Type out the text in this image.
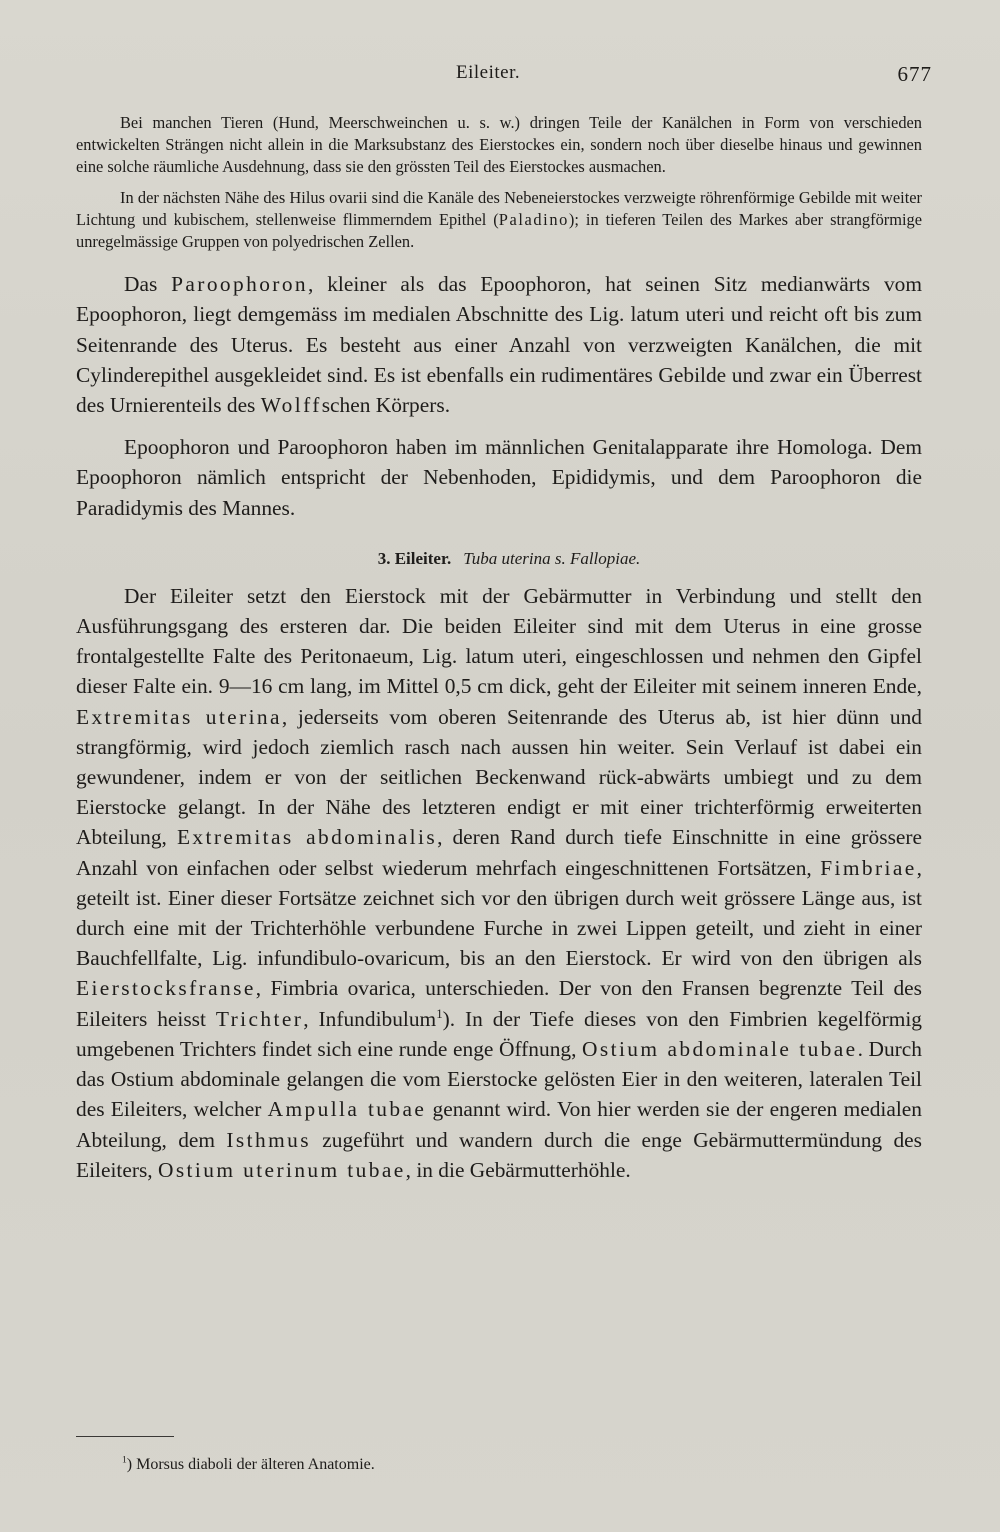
Eileiter.	677

Bei manchen Tieren (Hund, Meerschweinchen u. s. w.) dringen Teile der Kanälchen in Form von verschieden entwickelten Strängen nicht allein in die Marksubstanz des Eierstockes ein, sondern noch über dieselbe hinaus und gewinnen eine solche räumliche Ausdehnung, dass sie den grössten Teil des Eierstockes ausmachen.

In der nächsten Nähe des Hilus ovarii sind die Kanäle des Nebeneierstockes verzweigte röhrenförmige Gebilde mit weiter Lichtung und kubischem, stellenweise flimmerndem Epithel (Paladino); in tieferen Teilen des Markes aber strangförmige unregelmässige Gruppen von polyedrischen Zellen.

Das Paroophoron, kleiner als das Epoophoron, hat seinen Sitz medianwärts vom Epoophoron, liegt demgemäss im medialen Abschnitte des Lig. latum uteri und reicht oft bis zum Seitenrande des Uterus. Es besteht aus einer Anzahl von verzweigten Kanälchen, die mit Cylinderepithel ausgekleidet sind. Es ist ebenfalls ein rudimentäres Gebilde und zwar ein Überrest des Urnierenteils des Wolffschen Körpers.

Epoophoron und Paroophoron haben im männlichen Genitalapparate ihre Homologa. Dem Epoophoron nämlich entspricht der Nebenhoden, Epididymis, und dem Paroophoron die Paradidymis des Mannes.

3. Eileiter. Tuba uterina s. Fallopiae.

Der Eileiter setzt den Eierstock mit der Gebärmutter in Verbindung und stellt den Ausführungsgang des ersteren dar. Die beiden Eileiter sind mit dem Uterus in eine grosse frontalgestellte Falte des Peritonaeum, Lig. latum uteri, eingeschlossen und nehmen den Gipfel dieser Falte ein. 9—16 cm lang, im Mittel 0,5 cm dick, geht der Eileiter mit seinem inneren Ende, Extremitas uterina, jederseits vom oberen Seitenrande des Uterus ab, ist hier dünn und strangförmig, wird jedoch ziemlich rasch nach aussen hin weiter. Sein Verlauf ist dabei ein gewundener, indem er von der seitlichen Beckenwand rück-abwärts umbiegt und zu dem Eierstocke gelangt. In der Nähe des letzteren endigt er mit einer trichterförmig erweiterten Abteilung, Extremitas abdominalis, deren Rand durch tiefe Einschnitte in eine grössere Anzahl von einfachen oder selbst wiederum mehrfach eingeschnittenen Fortsätzen, Fimbriae, geteilt ist. Einer dieser Fortsätze zeichnet sich vor den übrigen durch weit grössere Länge aus, ist durch eine mit der Trichterhöhle verbundene Furche in zwei Lippen geteilt, und zieht in einer Bauchfellfalte, Lig. infundibulo-ovaricum, bis an den Eierstock. Er wird von den übrigen als Eierstocksfranse, Fimbria ovarica, unterschieden. Der von den Fransen begrenzte Teil des Eileiters heisst Trichter, Infundibulum$^1$). In der Tiefe dieses von den Fimbrien kegelförmig umgebenen Trichters findet sich eine runde enge Öffnung, Ostium abdominale tubae. Durch das Ostium abdominale gelangen die vom Eierstocke gelösten Eier in den weiteren, lateralen Teil des Eileiters, welcher Ampulla tubae genannt wird. Von hier werden sie der engeren medialen Abteilung, dem Isthmus zugeführt und wandern durch die enge Gebärmuttermündung des Eileiters, Ostium uterinum tubae, in die Gebärmutterhöhle.

$^1$) Morsus diaboli der älteren Anatomie.
